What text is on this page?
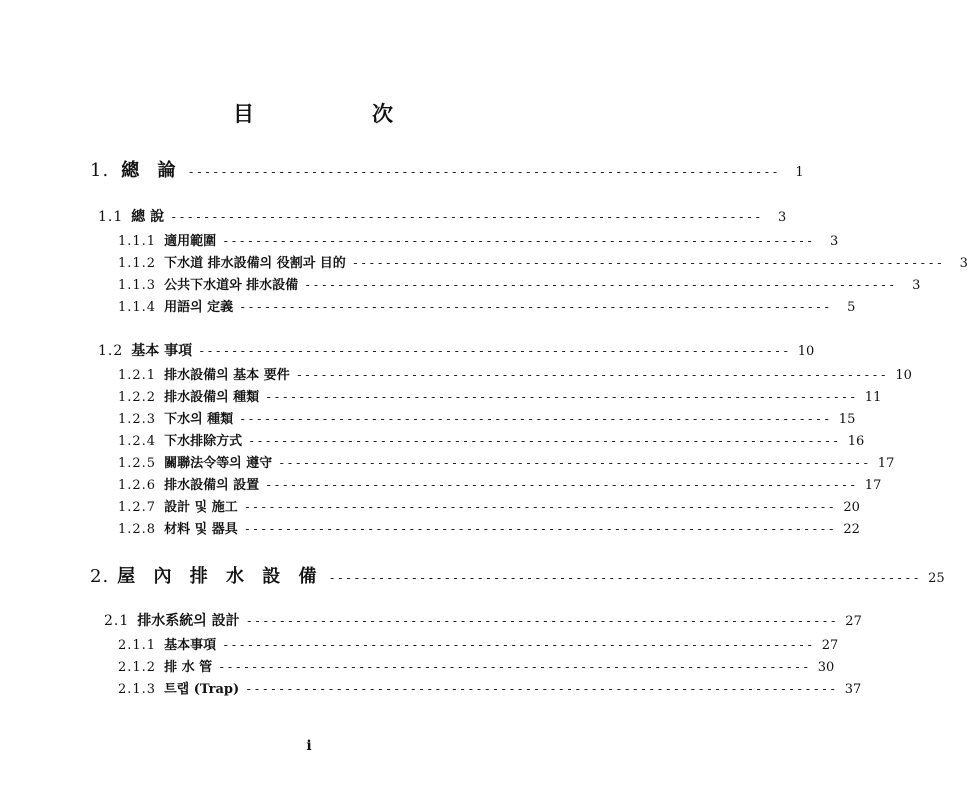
目	次
1. 總 論 ------------------------------------------------------------------------	1
1.1 總 說 ------------------------------------------------------------------------	3
1.1.1 適用範圍 ------------------------------------------------------------------------	3
1.1.2 下水道 排水設備의 役割과 目的 ------------------------------------------------------------------------	3
1.1.3 公共下水道와 排水設備 ------------------------------------------------------------------------	3
1.1.4 用語의 定義 ------------------------------------------------------------------------	5
1.2 基本 事項 ------------------------------------------------------------------------ 10
1.2.1 排水設備의 基本 要件 ------------------------------------------------------------------------ 10
1.2.2 排水設備의 種類 ------------------------------------------------------------------------ 11
1.2.3 下水의 種類 ------------------------------------------------------------------------ 15
1.2.4 下水排除方式 ------------------------------------------------------------------------ 16
1.2.5 關聯法令等의 遵守 ------------------------------------------------------------------------ 17
1.2.6 排水設備의 設置 ------------------------------------------------------------------------ 17
1.2.7 設計 및 施工 ------------------------------------------------------------------------ 20
1.2.8 材料 및 器具 ------------------------------------------------------------------------ 22
2. 屋 內 排 水 設 備 ------------------------------------------------------------------------ 25
2.1 排水系統의 設計 ------------------------------------------------------------------------ 27
2.1.1 基本事項 ------------------------------------------------------------------------ 27
2.1.2 排 水 管 ------------------------------------------------------------------------ 30
2.1.3 트랩 (Trap) ------------------------------------------------------------------------ 37
i
